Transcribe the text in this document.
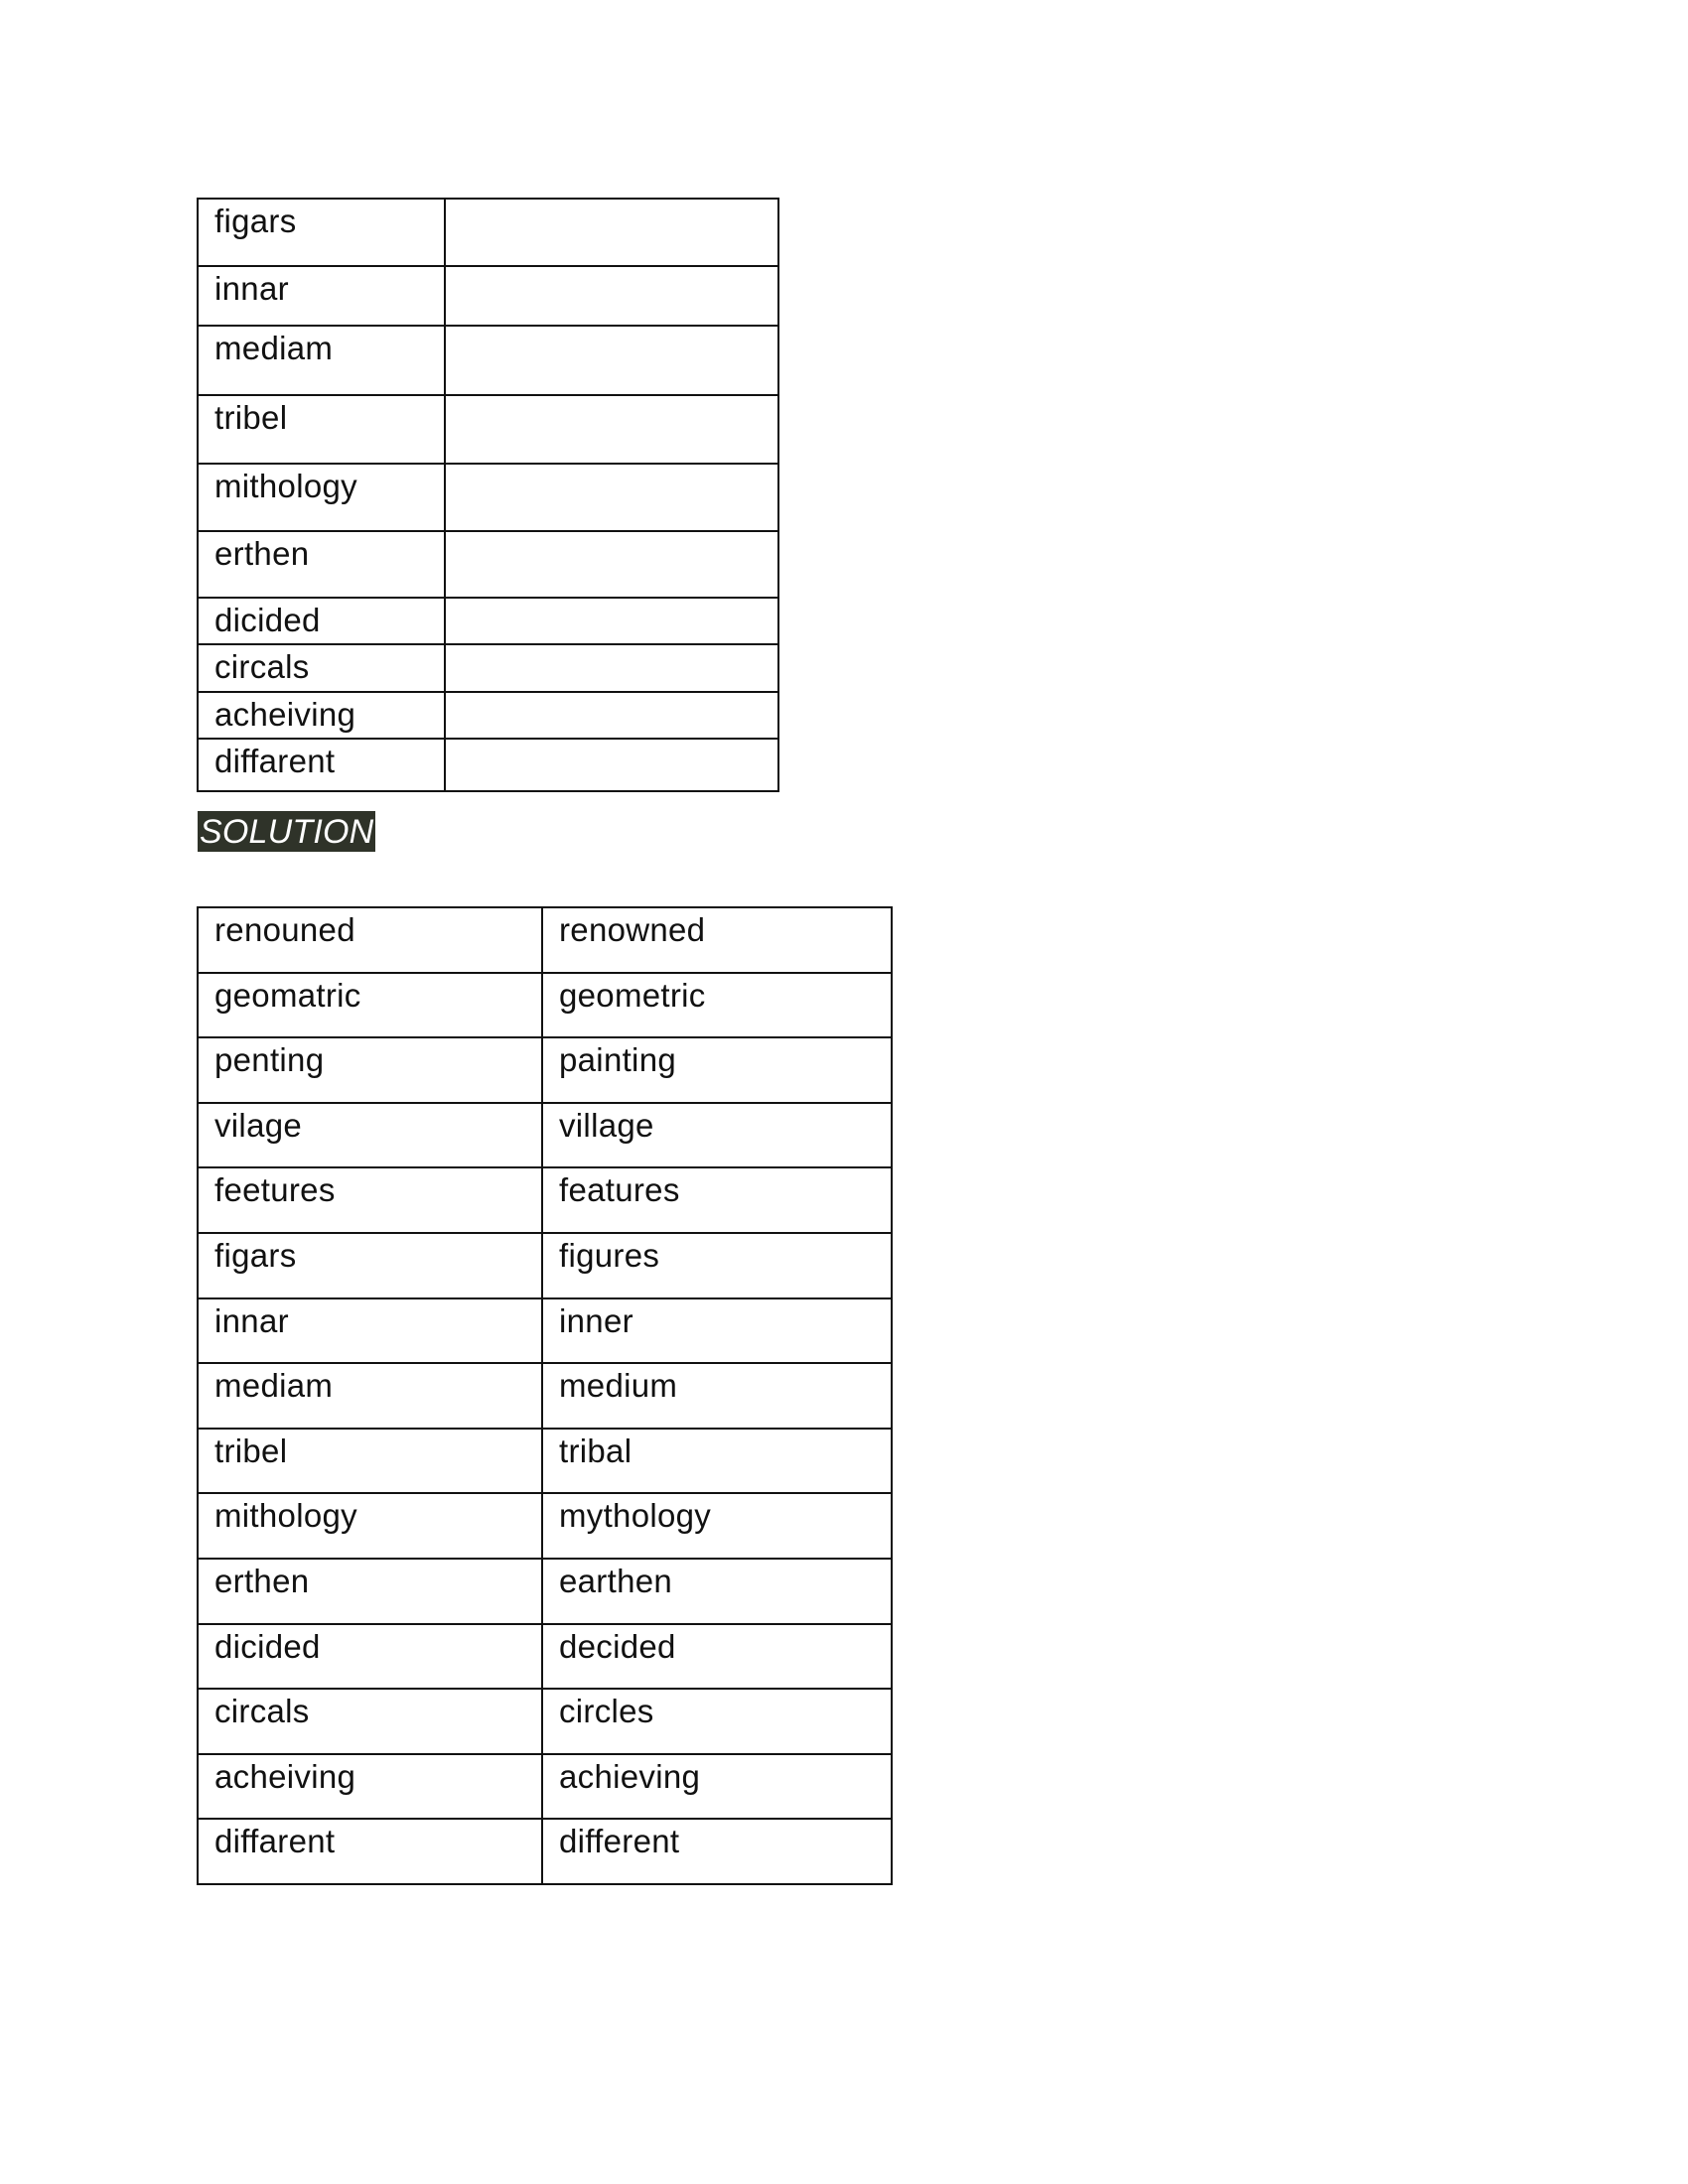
figars	
innar	
mediam	
tribel	
mithology	
erthen	
dicided	
circals	
acheiving	
diffarent	
SOLUTION
renouned	renowned
geomatric	geometric
penting	painting
vilage	village
feetures	features
figars	figures
innar	inner
mediam	medium
tribel	tribal
mithology	mythology
erthen	earthen
dicided	decided
circals	circles
acheiving	achieving
diffarent	different
